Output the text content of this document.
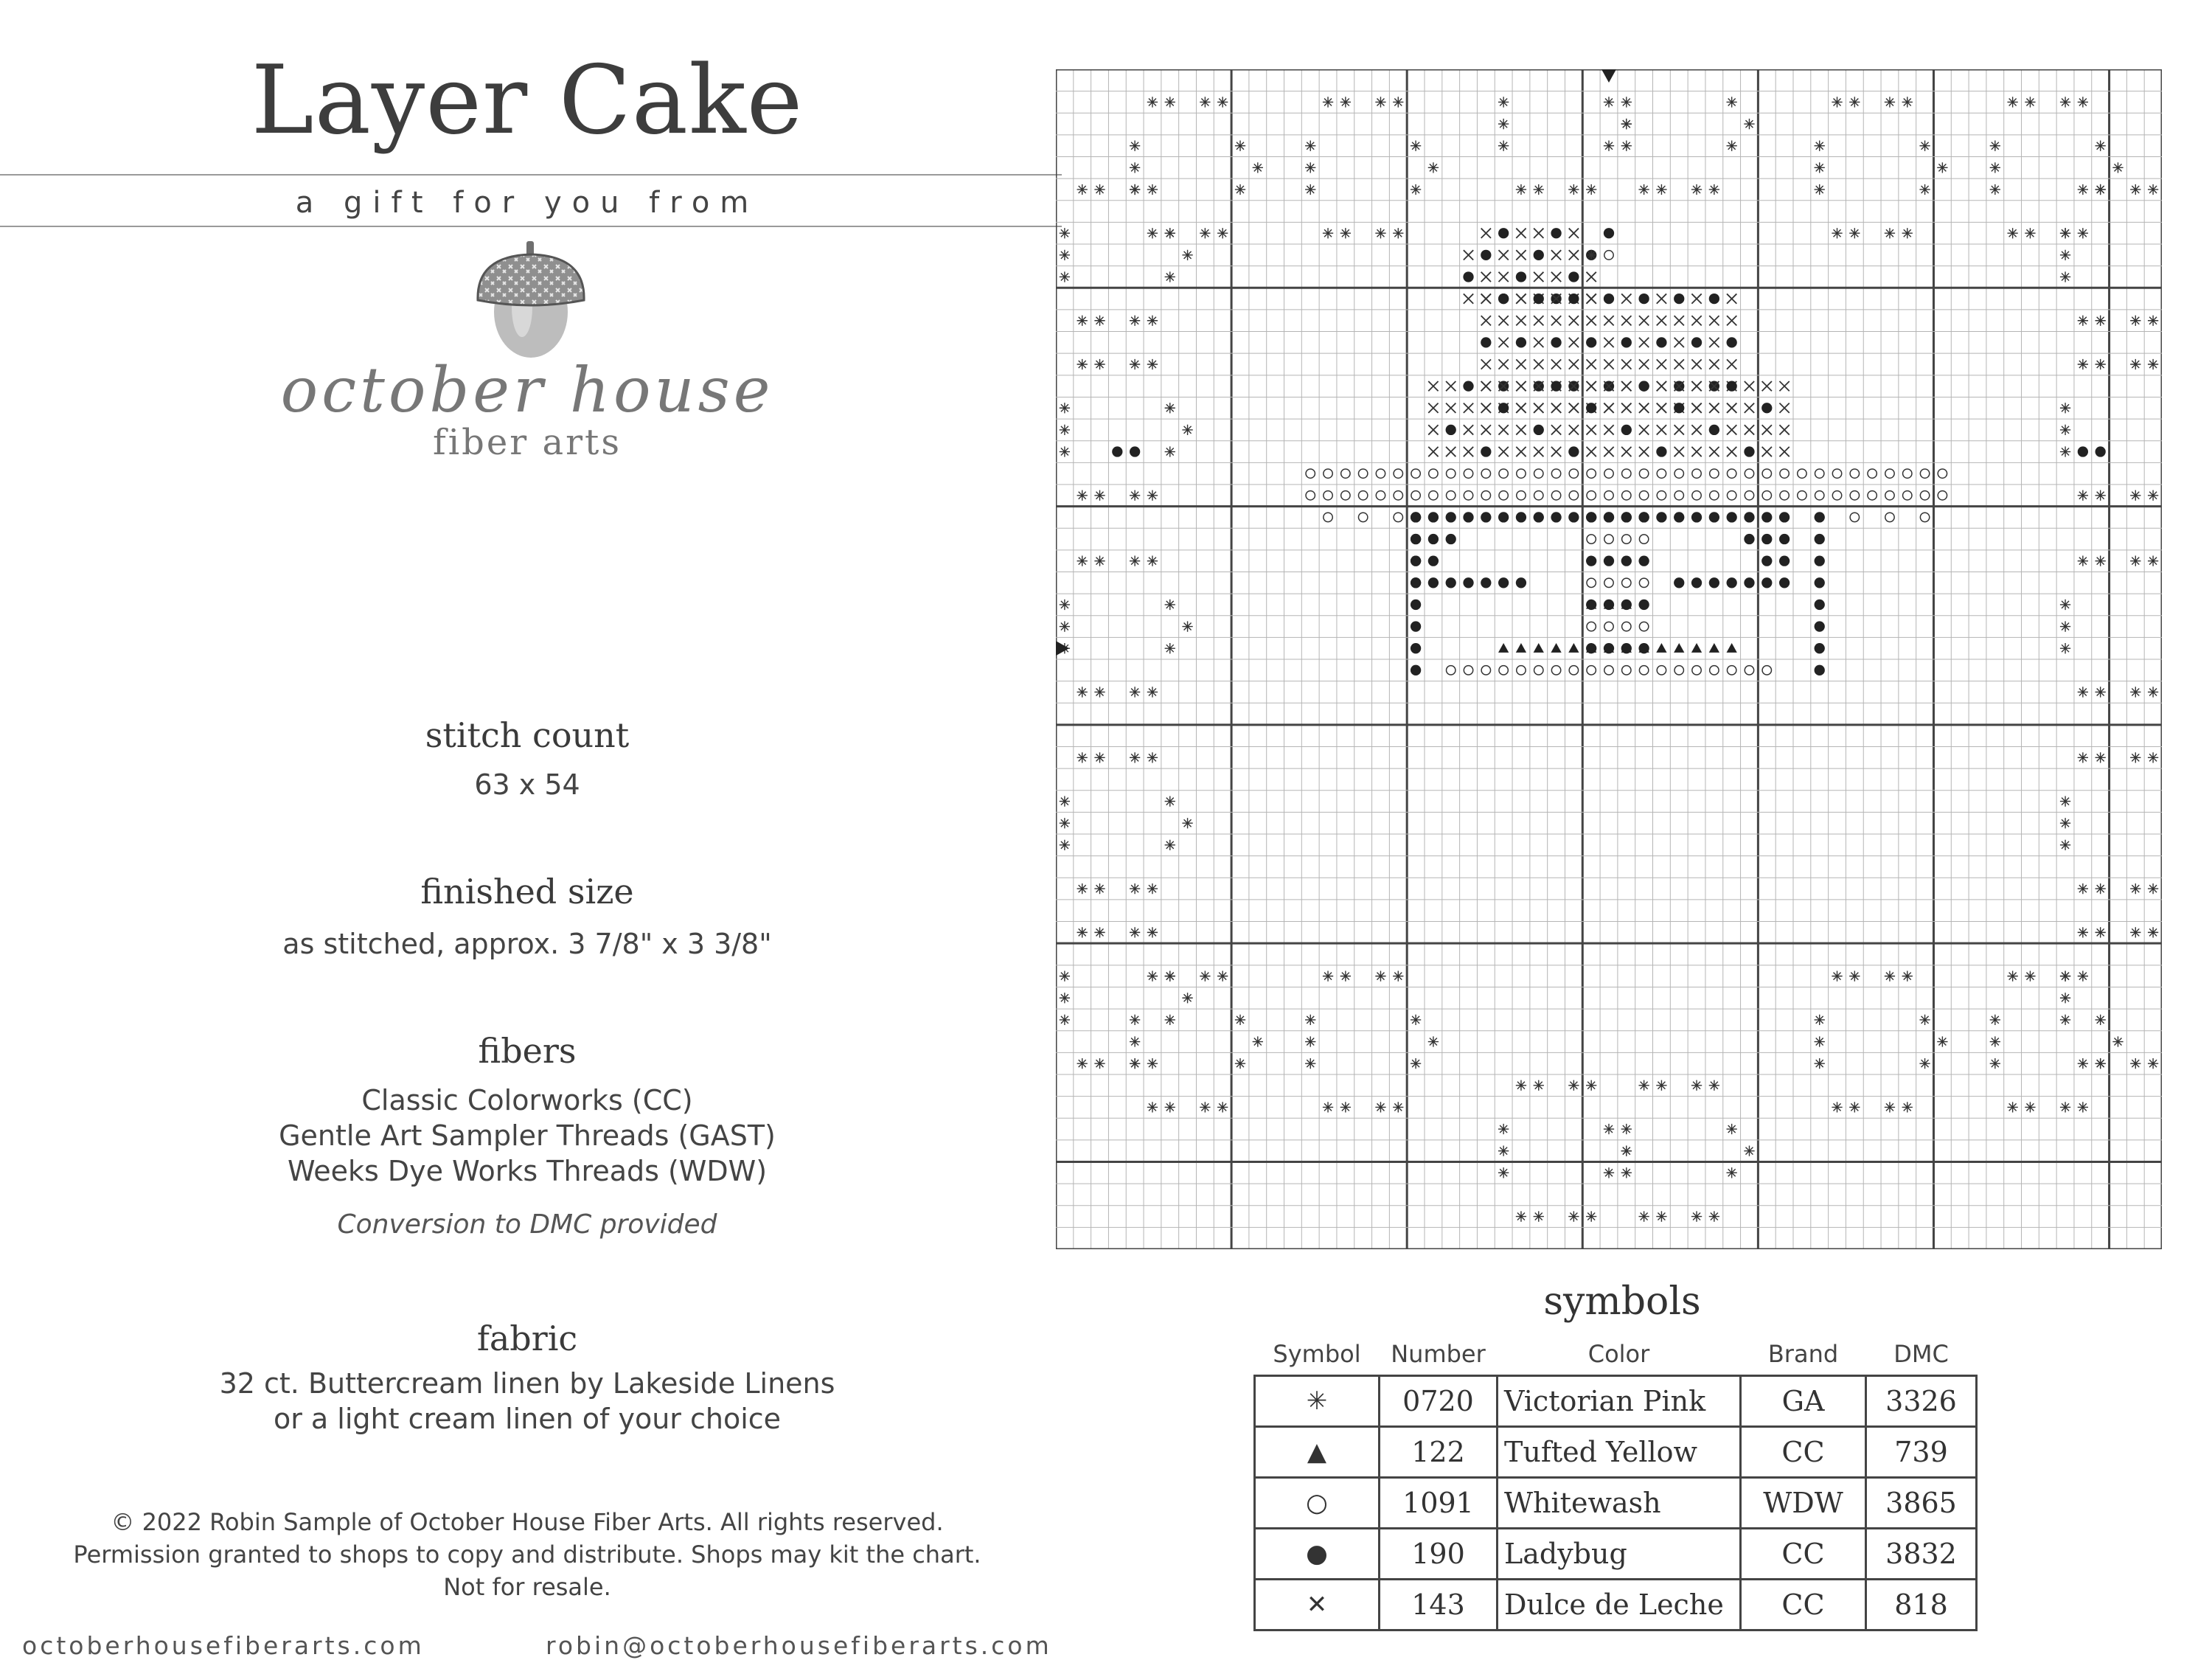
Layer Cake
a gift for you from
october house
fiber arts
stitch count
63 x 54
finished size
as stitched, approx. 3 7/8" x 3 3/8"
fibers
Classic Colorworks (CC)
Gentle Art Sampler Threads (GAST)
Weeks Dye Works Threads (WDW)
Conversion to DMC provided
fabric
32 ct. Buttercream linen by Lakeside Linens
or a light cream linen of your choice
© 2022 Robin Sample of October House Fiber Arts. All rights reserved.
Permission granted to shops to copy and distribute. Shops may kit the chart.
Not for resale.
octoberhousefiberarts.com	robin@octoberhousefiberarts.com
symbols
Symbol	Number	Color	Brand	DMC
✳	0720	Victorian Pink	GA	3326
▲	122	Tufted Yellow	CC	739
○	1091	Whitewash	WDW	3865
●	190	Ladybug	CC	3832
✕	143	Dulce de Leche	CC	818
